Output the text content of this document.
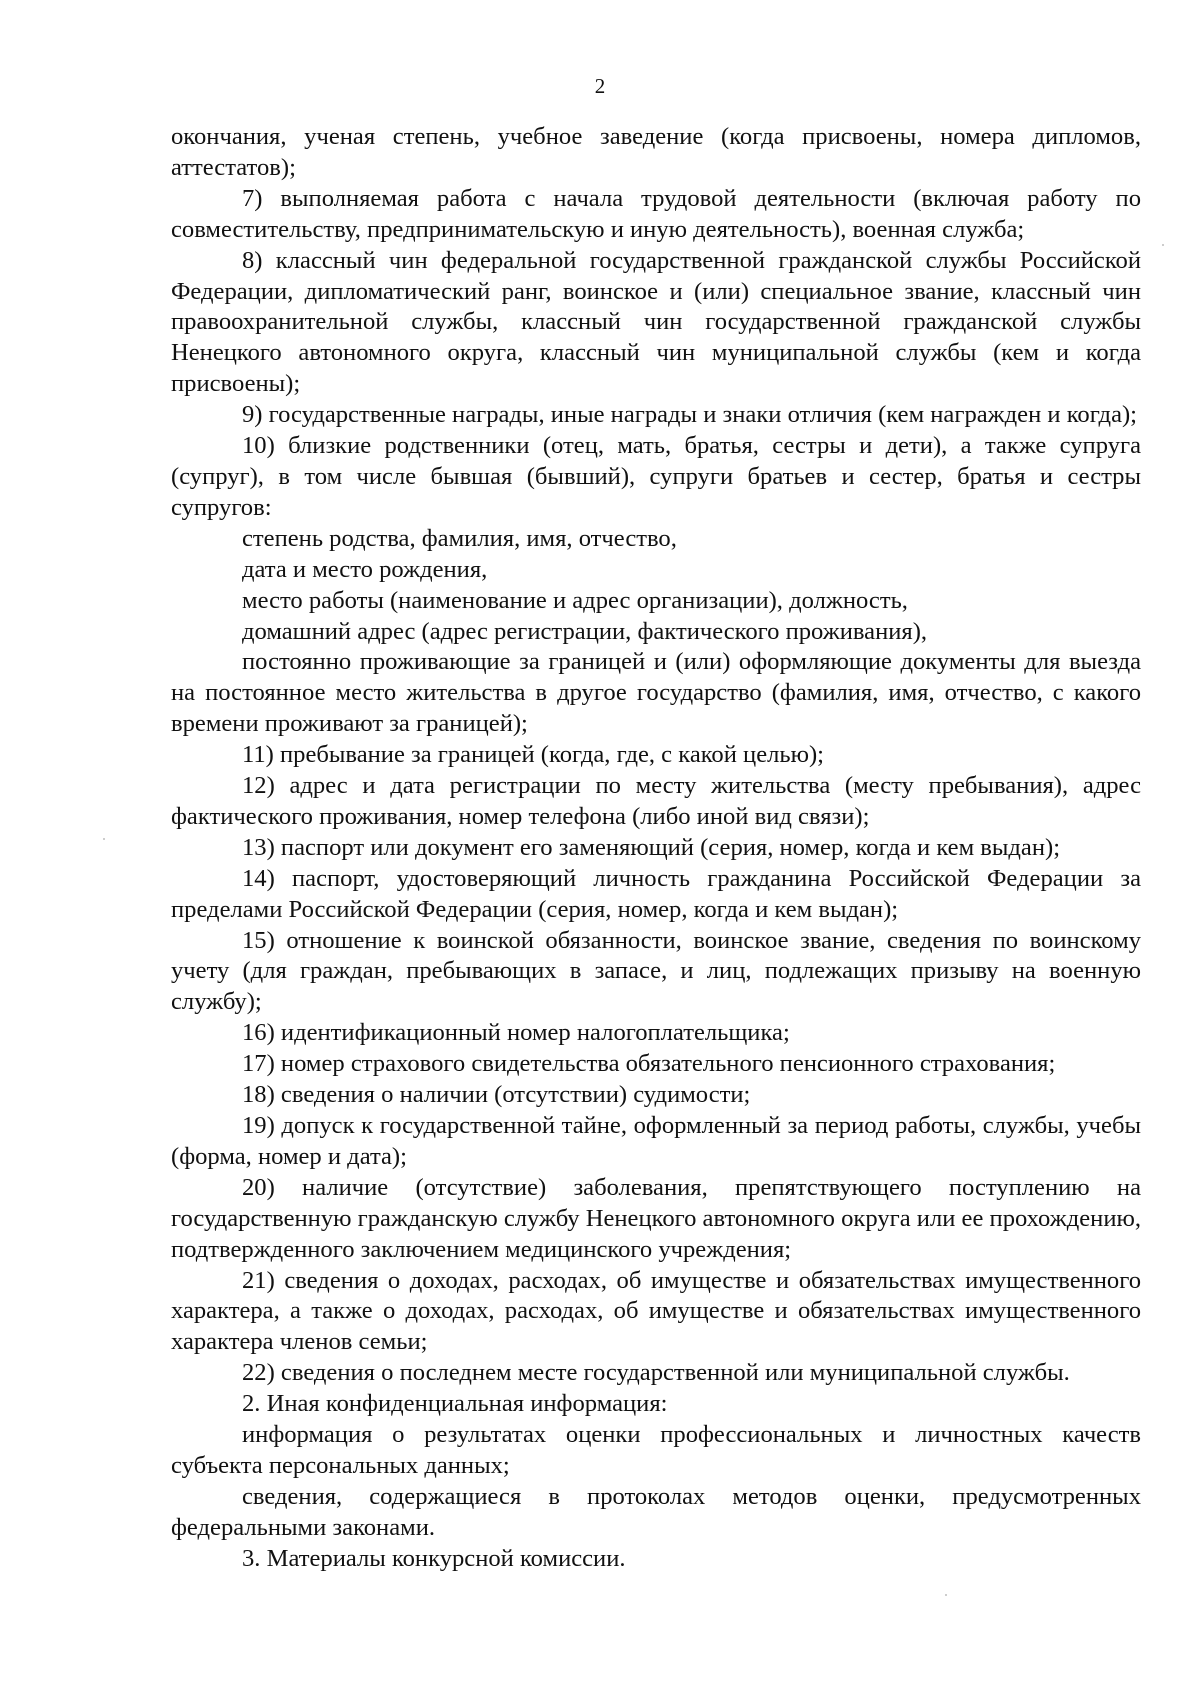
2

окончания, ученая степень, учебное заведение (когда присвоены, номера дипломов, аттестатов);

7) выполняемая работа с начала трудовой деятельности (включая работу по совместительству, предпринимательскую и иную деятельность), военная служба;

8) классный чин федеральной государственной гражданской службы Российской Федерации, дипломатический ранг, воинское и (или) специальное звание, классный чин правоохранительной службы, классный чин государственной гражданской службы Ненецкого автономного округа, классный чин муниципальной службы (кем и когда присвоены);

9) государственные награды, иные награды и знаки отличия (кем награжден и когда);

10) близкие родственники (отец, мать, братья, сестры и дети), а также супруга (супруг), в том числе бывшая (бывший), супруги братьев и сестер, братья и сестры супругов:

степень родства, фамилия, имя, отчество,

дата и место рождения,

место работы (наименование и адрес организации), должность,

домашний адрес (адрес регистрации, фактического проживания),

постоянно проживающие за границей и (или) оформляющие документы для выезда на постоянное место жительства в другое государство (фамилия, имя, отчество, с какого времени проживают за границей);

11) пребывание за границей (когда, где, с какой целью);

12) адрес и дата регистрации по месту жительства (месту пребывания), адрес фактического проживания, номер телефона (либо иной вид связи);

13) паспорт или документ его заменяющий (серия, номер, когда и кем выдан);

14) паспорт, удостоверяющий личность гражданина Российской Федерации за пределами Российской Федерации (серия, номер, когда и кем выдан);

15) отношение к воинской обязанности, воинское звание, сведения по воинскому учету (для граждан, пребывающих в запасе, и лиц, подлежащих призыву на военную службу);

16) идентификационный номер налогоплательщика;

17) номер страхового свидетельства обязательного пенсионного страхования;

18) сведения о наличии (отсутствии) судимости;

19) допуск к государственной тайне, оформленный за период работы, службы, учебы (форма, номер и дата);

20) наличие (отсутствие) заболевания, препятствующего поступлению на государственную гражданскую службу Ненецкого автономного округа или ее прохождению, подтвержденного заключением медицинского учреждения;

21) сведения о доходах, расходах, об имуществе и обязательствах имущественного характера, а также о доходах, расходах, об имуществе и обязательствах имущественного характера членов семьи;

22) сведения о последнем месте государственной или муниципальной службы.

2. Иная конфиденциальная информация:

информация о результатах оценки профессиональных и личностных качеств субъекта персональных данных;

сведения, содержащиеся в протоколах методов оценки, предусмотренных федеральными законами.

3. Материалы конкурсной комиссии.
